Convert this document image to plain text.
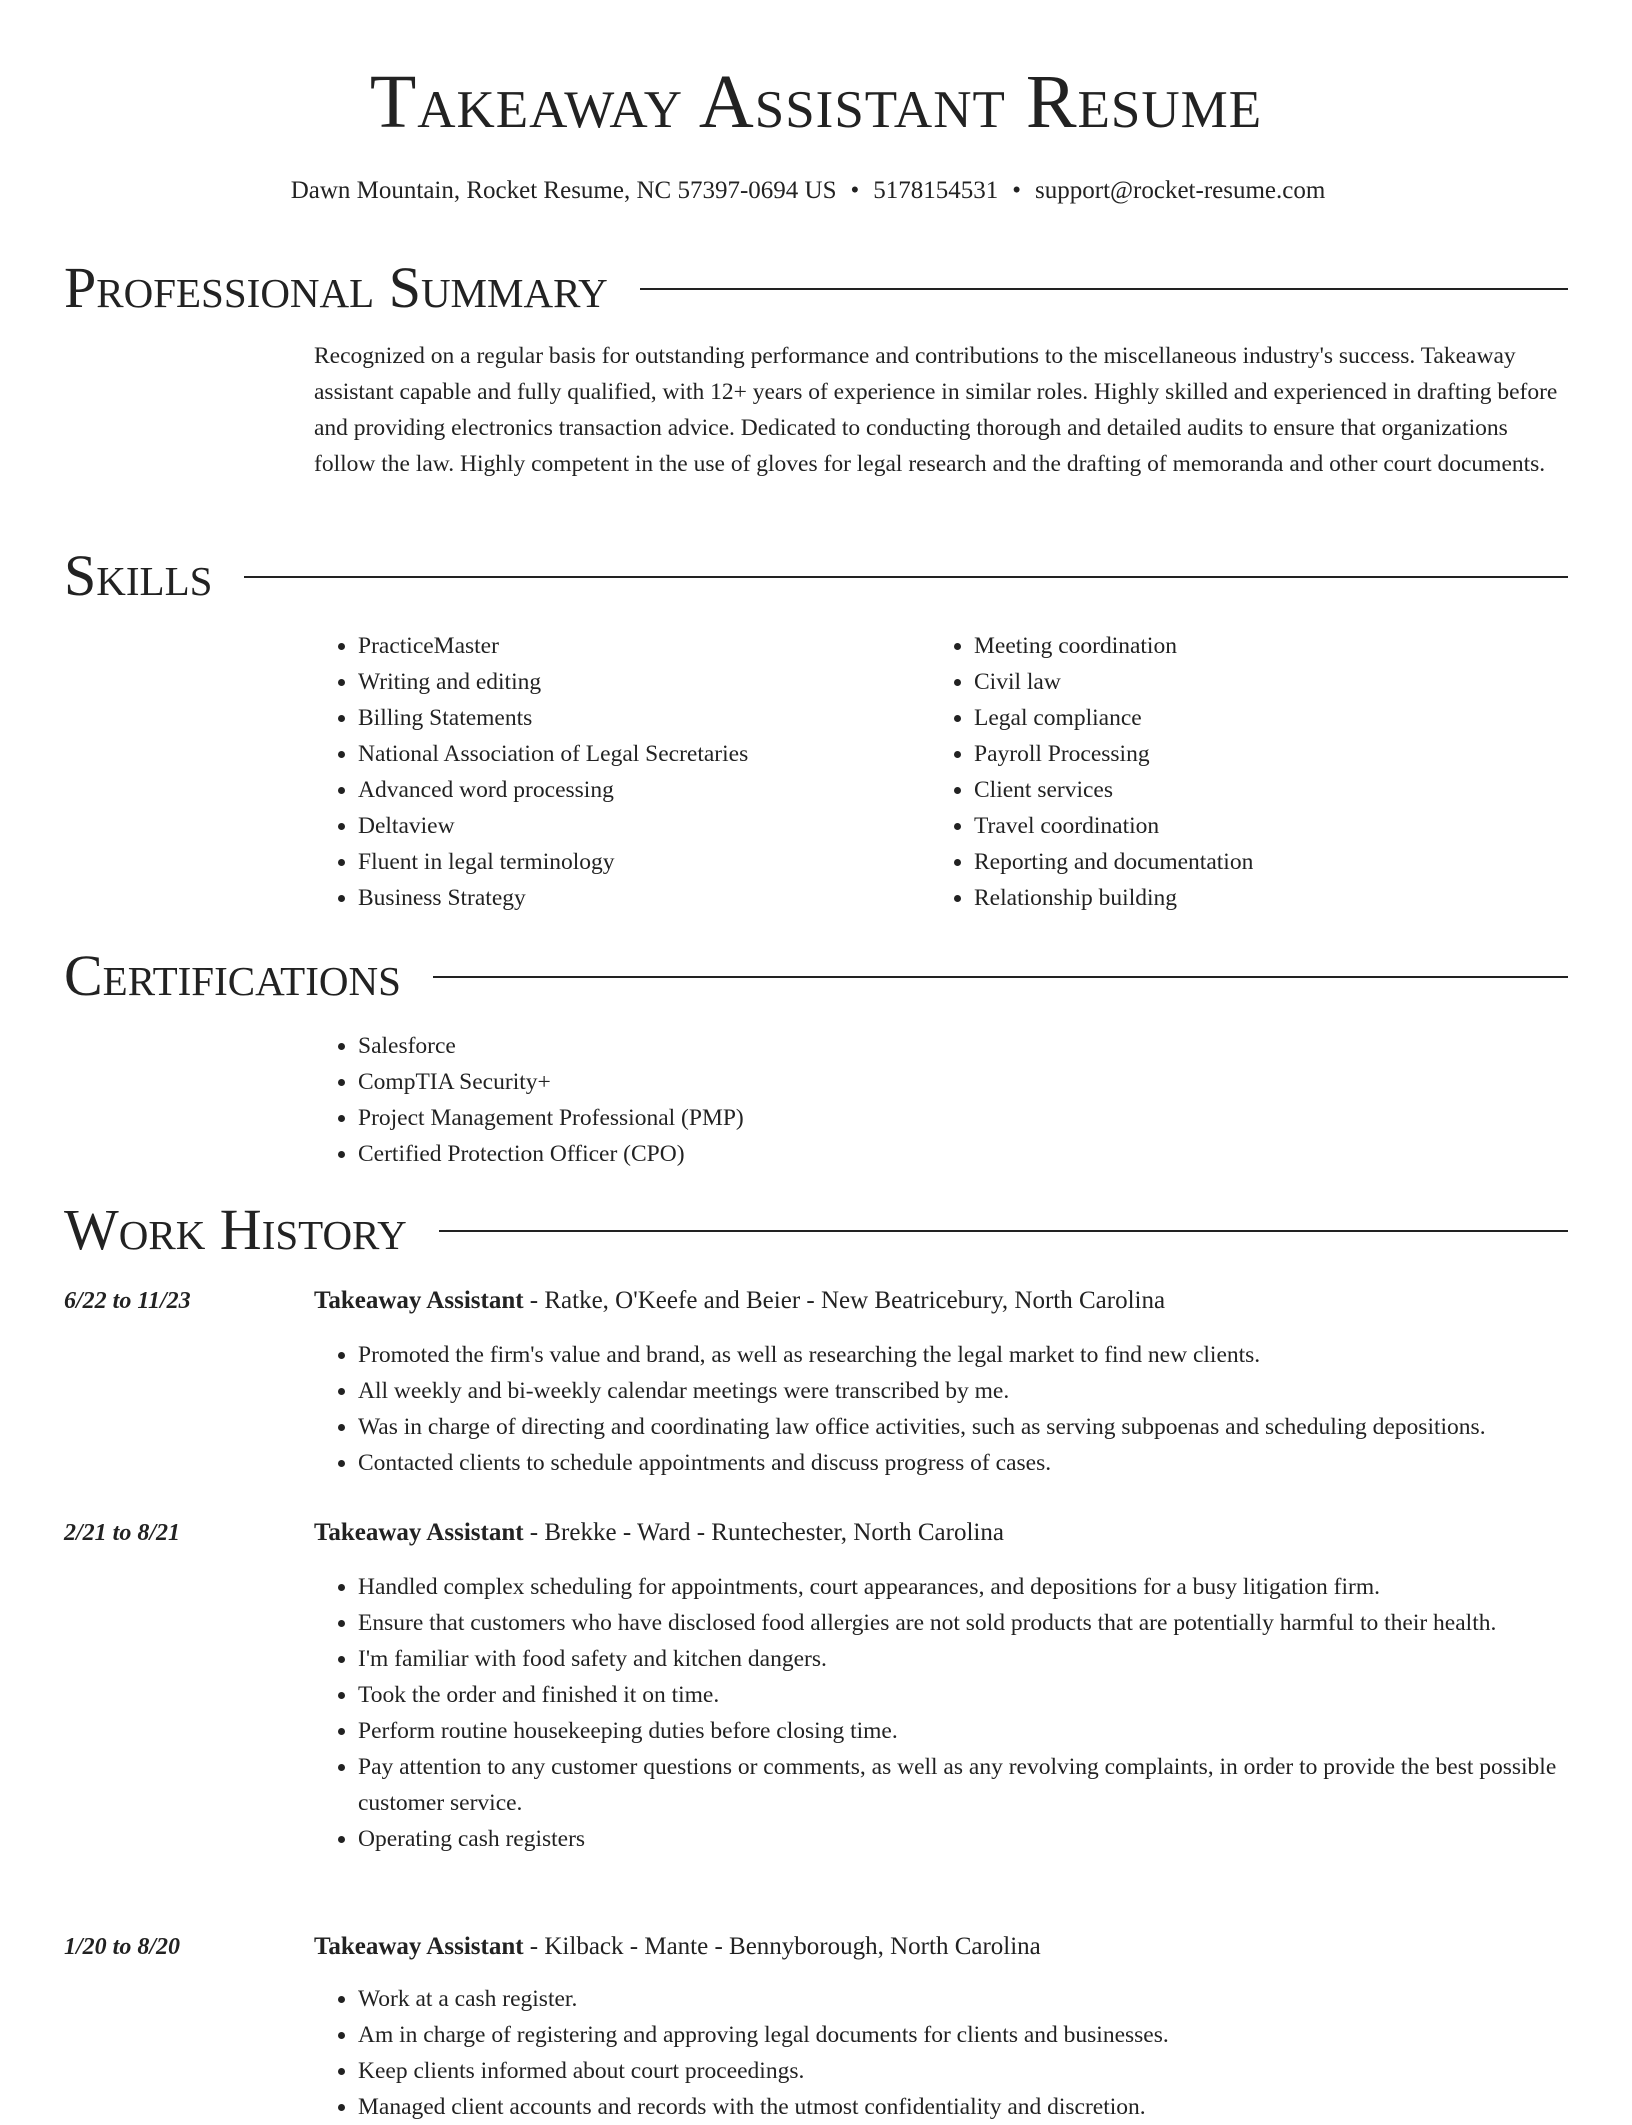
Takeaway Assistant Resume
Dawn Mountain, Rocket Resume, NC 57397-0694 US • 5178154531 • support@rocket-resume.com
Professional Summary

Recognized on a regular basis for outstanding performance and contributions to the miscellaneous industry's success. Takeaway assistant capable and fully qualified, with 12+ years of experience in similar roles. Highly skilled and experienced in drafting before and providing electronics transaction advice. Dedicated to conducting thorough and detailed audits to ensure that organizations follow the law. Highly competent in the use of gloves for legal research and the drafting of memoranda and other court documents.

Skills
• PracticeMaster
• Writing and editing
• Billing Statements
• National Association of Legal Secretaries
• Advanced word processing
• Deltaview
• Fluent in legal terminology
• Business Strategy
• Meeting coordination
• Civil law
• Legal compliance
• Payroll Processing
• Client services
• Travel coordination
• Reporting and documentation
• Relationship building
Certifications
• Salesforce
• CompTIA Security+
• Project Management Professional (PMP)
• Certified Protection Officer (CPO)
Work History
6/22 to 11/23	Takeaway Assistant - Ratke, O'Keefe and Beier - New Beatricebury, North Carolina
• Promoted the firm's value and brand, as well as researching the legal market to find new clients.
• All weekly and bi-weekly calendar meetings were transcribed by me.
• Was in charge of directing and coordinating law office activities, such as serving subpoenas and scheduling depositions.
• Contacted clients to schedule appointments and discuss progress of cases.
2/21 to 8/21	Takeaway Assistant - Brekke - Ward - Runtechester, North Carolina
• Handled complex scheduling for appointments, court appearances, and depositions for a busy litigation firm.
• Ensure that customers who have disclosed food allergies are not sold products that are potentially harmful to their health.
• I'm familiar with food safety and kitchen dangers.
• Took the order and finished it on time.
• Perform routine housekeeping duties before closing time.
• Pay attention to any customer questions or comments, as well as any revolving complaints, in order to provide the best possible customer service.
• Operating cash registers
1/20 to 8/20	Takeaway Assistant - Kilback - Mante - Bennyborough, North Carolina
• Work at a cash register.
• Am in charge of registering and approving legal documents for clients and businesses.
• Keep clients informed about court proceedings.
• Managed client accounts and records with the utmost confidentiality and discretion.
